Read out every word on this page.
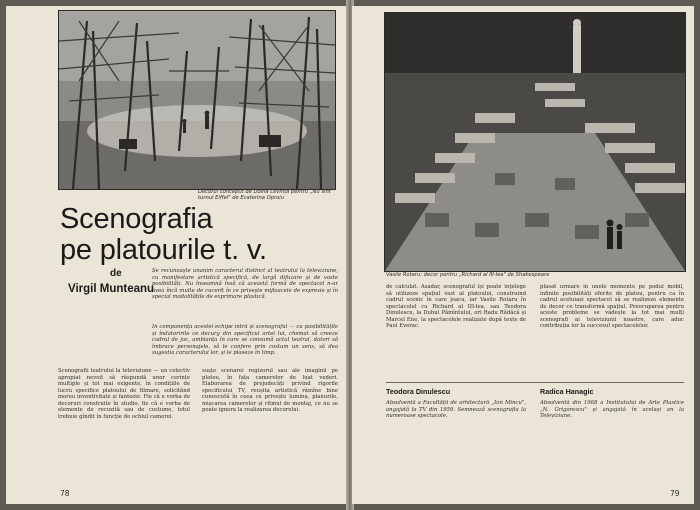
Decorul conceput de Doina Levința pentru „Nu sînt turnul Eiffel" de Ecaterina Oproiu
Scenografia
pe platourile t. v.
de
Virgil Munteanu
Se recunoaște unanim caracterul distinct al teatrului la televiziune, cu manifestare artistică specifică, de largă difuzare și de vaste posibilități. Nu înseamnă însă că această formă de spectacol n-ar avea încă multe de cucerit în ce privește mijloacele de expresie și în special modalitățile de exprimare plastică.
În componența acestei echipe intră și scenograful — cu posibilitățile și îndatoririle ce decurg din specificul artei lui, chemat să creeze cadrul de joc, ambianța în care se consumă actul teatral, datori să îmbrace personajele, să le confere prin costum un sens, să dea sugestia caracterului lor, și le plaseze în timp.
Scenografii teatrului la televiziune — un colectiv apropiat nevoit să răspundă unor cerințe multiple și tot mai exigente, în condițiile de lucru specifice platoului de filmare, solicitând mereu inventivitate și fantezie. Fie că e vorba de decoruri construite în studio, fie că e vorba de elemente de recuzită sau de costume, totul trebuie gîndit în funcție de ochiul camerei.
sușțe scenarei regizorul sau ale imaginii pe platou, în fața camerelor de luat vederi. Elaborarea de prejudecăți privind rigorile specificului TV, reușita artistică rămîne bine cunoscută în ceea ce privește lumina, planurile, mișcarea camerelor și ritmul de montaj, ce nu se poate ignora la realizarea decorului.
78
Vasile Rotaru: decor pentru „Richard al III-lea" de Shakespeare
de calculat. Asadar, scenograful își poate înțelege să utilizeze spațiul vast al platoului, construind cadrul scenic în care joaca, iar Vasile Rotaru în spectacolul cu Richard al III-lea, sau Teodora Dinulescu, la Duhul Pămîntului, ori Radu Rădăcă și Marcel Ene, la spectacolele realizate după texte de Paul Everac.
plasat urmare în unele momente pe podul mobil, infinite posibilități oferite de platou, pentru ca în cadrul aceluiași spectacol să se realizeze elemente de decor ce transformă spațiul. Preocuparea pentru aceste probleme se vădește la tot mai mulți scenografi ai televiziunii noastre, care aduc contribuția lor la succesul spectacolelor.
Teodora Dinulescu	Radica Hanagic
Absolventă a Facultății de arhitectură „Ion Mincu", angajată la TV din 1959. Semnează scenografia la numeroase spectacole.
Absolventă din 1968 a Institutului de Arte Plastice „N. Grigorescu" și angajată în același an la Televiziune.
79
